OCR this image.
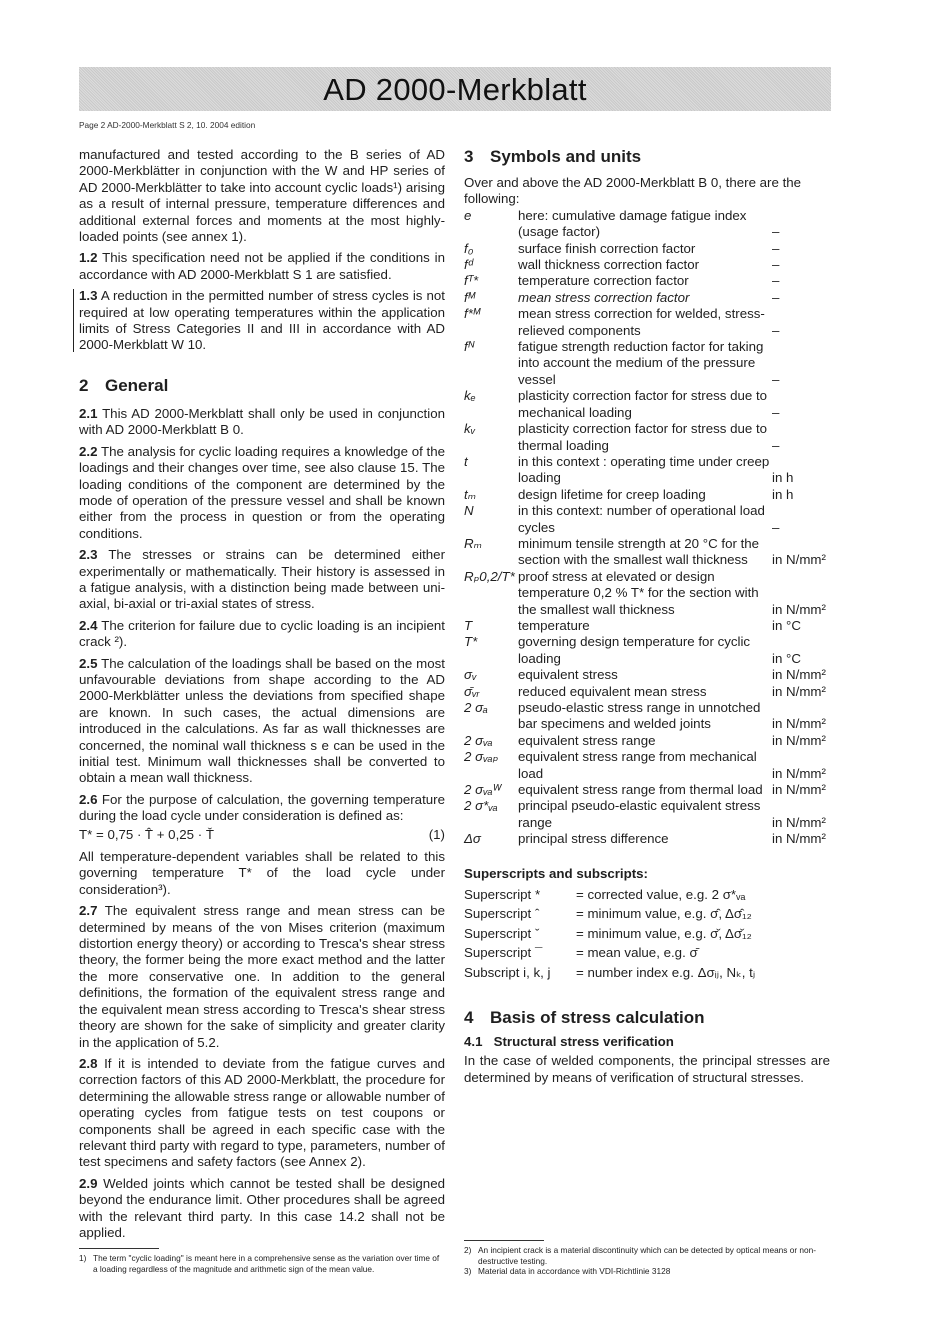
AD 2000-Merkblatt
Page 2 AD-2000-Merkblatt S 2, 10. 2004 edition

manufactured and tested according to the B series of AD 2000-Merkblätter in conjunction with the W and HP series of AD 2000-Merkblätter to take into account cyclic loads¹) arising as a result of internal pressure, temperature differences and additional external forces and moments at the most highly-loaded points (see annex 1).

1.2 This specification need not be applied if the conditions in accordance with AD 2000-Merkblatt S 1 are satisfied.

1.3 A reduction in the permitted number of stress cycles is not required at low operating temperatures within the application limits of Stress Categories II and III in accordance with AD 2000-Merkblatt W 10.

2 General

2.1 This AD 2000-Merkblatt shall only be used in conjunction with AD 2000-Merkblatt B 0.

2.2 The analysis for cyclic loading requires a knowledge of the loadings and their changes over time, see also clause 15. The loading conditions of the component are determined by the mode of operation of the pressure vessel and shall be known either from the process in question or from the operating conditions.

2.3 The stresses or strains can be determined either experimentally or mathematically. Their history is assessed in a fatigue analysis, with a distinction being made between uni-axial, bi-axial or tri-axial states of stress.

2.4 The criterion for failure due to cyclic loading is an incipient crack ²).

2.5 The calculation of the loadings shall be based on the most unfavourable deviations from shape according to the AD 2000-Merkblätter unless the deviations from specified shape are known. In such cases, the actual dimensions are introduced in the calculations. As far as wall thicknesses are concerned, the nominal wall thickness s e can be used in the initial test. Minimum wall thicknesses shall be converted to obtain a mean wall thickness.

2.6 For the purpose of calculation, the governing temperature during the load cycle under consideration is defined as:

T* = 0,75 · T̂ + 0,25 · Ť	(1)

All temperature-dependent variables shall be related to this governing temperature T* of the load cycle under consideration³).

2.7 The equivalent stress range and mean stress can be determined by means of the von Mises criterion (maximum distortion energy theory) or according to Tresca's shear stress theory, the former being the more exact method and the latter the more conservative one. In addition to the general definitions, the formation of the equivalent stress range and the equivalent mean stress according to Tresca's shear stress theory are shown for the sake of simplicity and greater clarity in the application of 5.2.

2.8 If it is intended to deviate from the fatigue curves and correction factors of this AD 2000-Merkblatt, the procedure for determining the allowable stress range or allowable number of operating cycles from fatigue tests on test coupons or components shall be agreed in each specific case with the relevant third party with regard to type, parameters, number of test specimens and safety factors (see Annex 2).

2.9 Welded joints which cannot be tested shall be designed beyond the endurance limit. Other procedures shall be agreed with the relevant third party. In this case 14.2 shall not be applied.

3 Symbols and units

Over and above the AD 2000-Merkblatt B 0, there are the following:

e	here: cumulative damage fatigue index (usage factor)	–
f₀	surface finish correction factor	–
fᵈ	wall thickness correction factor	–
fᵀ*	temperature correction factor	–
fᴹ	mean stress correction factor	–
f*ᴹ	mean stress correction for welded, stress-relieved components	–
fᴺ	fatigue strength reduction factor for taking into account the medium of the pressure vessel	–
kₑ	plasticity correction factor for stress due to mechanical loading	–
kᵥ	plasticity correction factor for stress due to thermal loading	–
t	in this context : operating time under creep loading	in h
tₘ	design lifetime for creep loading	in h
N	in this context: number of operational load cycles	–
Rₘ	minimum tensile strength at 20 °C for the section with the smallest wall thickness	in N/mm²
Rₚ0,2/T* proof stress at elevated or design temperature 0,2 % T* for the section with the smallest wall thickness	in N/mm²
T	temperature	in °C
T*	governing design temperature for cyclic loading	in °C
σᵥ	equivalent stress	in N/mm²
σ̄ᵥᵣ	reduced equivalent mean stress	in N/mm²
2 σₐ	pseudo-elastic stress range in unnotched bar specimens and welded joints	in N/mm²
2 σᵥₐ	equivalent stress range	in N/mm²
2 σᵥₐₚ	equivalent stress range from mechanical load	in N/mm²
2 σᵥₐᵂ	equivalent stress range from thermal load in N/mm²
2 σ*ᵥₐ	principal pseudo-elastic equivalent stress range	in N/mm²
Δσ	principal stress difference	in N/mm²
Superscripts and subscripts:
Superscript *	= corrected value, e.g. 2 σ*ᵥₐ
Superscript ˆ	= minimum value, e.g. σ̂, Δσ̂₁₂
Superscript ˇ	= minimum value, e.g. σ̌, Δσ̌₁₂
Superscript ¯	= mean value, e.g. σ̄
Subscript i, k, j	= number index e.g. Δσᵢⱼ, Nₖ, tⱼ
4 Basis of stress calculation
4.1 Structural stress verification

In the case of welded components, the principal stresses are determined by means of verification of structural stresses.

1) The term "cyclic loading" is meant here in a comprehensive sense as the variation over time of a loading regardless of the magnitude and arithmetic sign of the mean value.
2) An incipient crack is a material discontinuity which can be detected by optical means or non-destructive testing.
3) Material data in accordance with VDI-Richtlinie 3128
